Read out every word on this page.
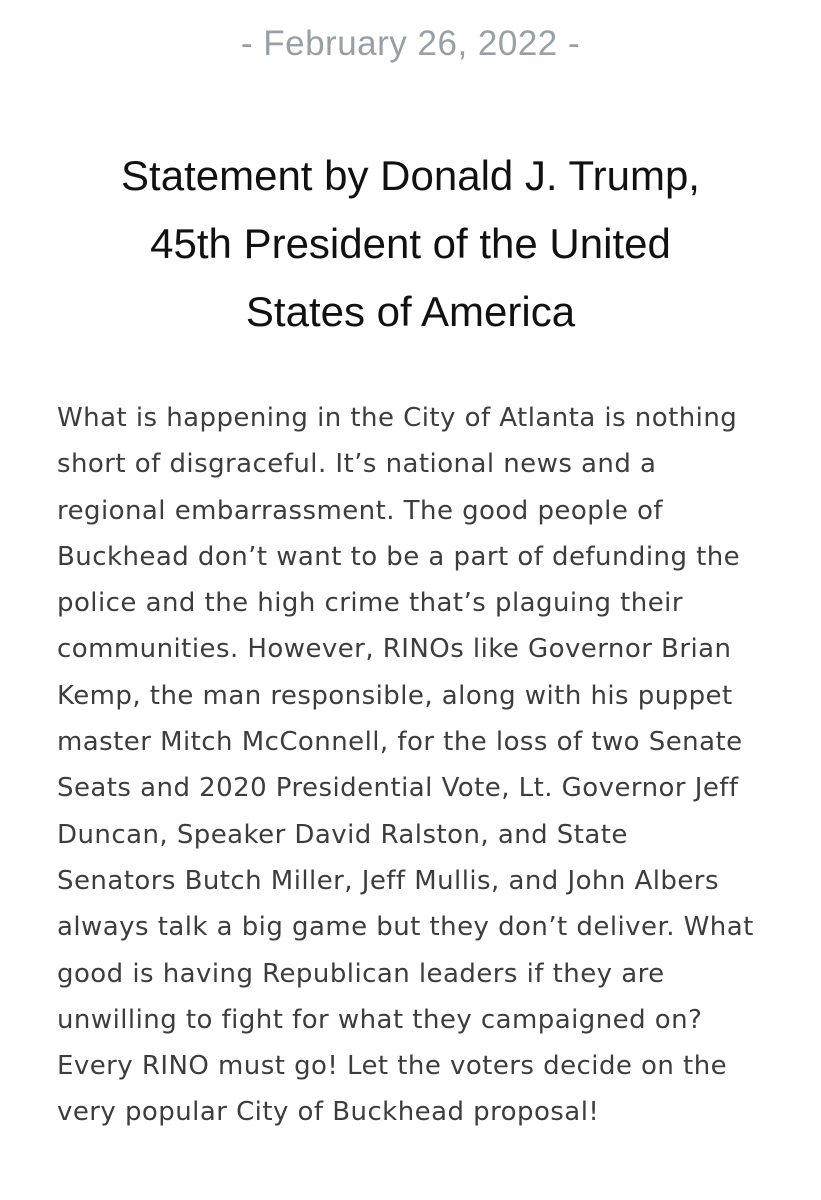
- February 26, 2022 -
Statement by Donald J. Trump,
45th President of the United
States of America

What is happening in the City of Atlanta is nothing
short of disgraceful. It’s national news and a
regional embarrassment. The good people of
Buckhead don’t want to be a part of defunding the
police and the high crime that’s plaguing their
communities. However, RINOs like Governor Brian
Kemp, the man responsible, along with his puppet
master Mitch McConnell, for the loss of two Senate
Seats and 2020 Presidential Vote, Lt. Governor Jeff
Duncan, Speaker David Ralston, and State
Senators Butch Miller, Jeff Mullis, and John Albers
always talk a big game but they don’t deliver. What
good is having Republican leaders if they are
unwilling to fight for what they campaigned on?
Every RINO must go! Let the voters decide on the
very popular City of Buckhead proposal!
